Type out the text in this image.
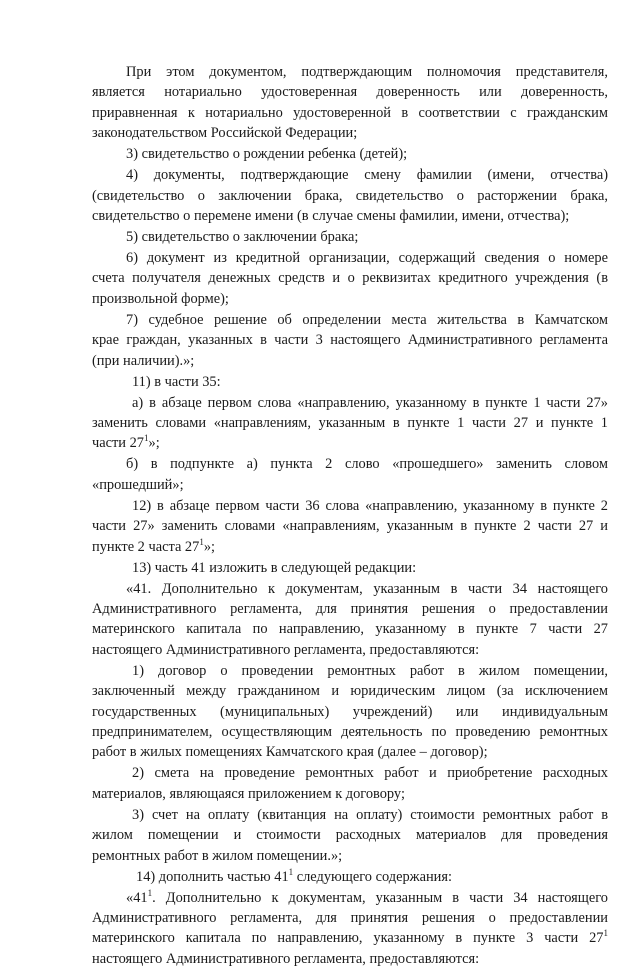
При этом документом, подтверждающим полномочия представителя,

является нотариально удостоверенная доверенность или доверенность,

приравненная к нотариально удостоверенной в соответствии с гражданским

законодательством Российской Федерации;

3) свидетельство о рождении ребенка (детей);

4) документы, подтверждающие смену фамилии (имени, отчества)

(свидетельство о заключении брака, свидетельство о расторжении брака,

свидетельство о перемене имени (в случае смены фамилии, имени, отчества);

5) свидетельство о заключении брака;

6) документ из кредитной организации, содержащий сведения о номере

счета получателя денежных средств и о реквизитах кредитного учреждения (в

произвольной форме);

7) судебное решение об определении места жительства в Камчатском

крае граждан, указанных в части 3 настоящего Административного регламента

(при наличии).»;

11) в части 35:

а) в абзаце первом слова «направлению, указанному в пункте 1 части 27»

заменить словами «направлениям, указанным в пункте 1 части 27 и пункте 1

части $27^1$»;

б) в подпункте а) пункта 2 слово «прошедшего» заменить словом

«прошедший»;

12) в абзаце первом части 36 слова «направлению, указанному в пункте 2

части 27» заменить словами «направлениям, указанным в пункте 2 части 27 и

пункте 2 часта $27^1$»;

13) часть 41 изложить в следующей редакции:

«41. Дополнительно к документам, указанным в части 34 настоящего

Административного регламента, для принятия решения о предоставлении

материнского капитала по направлению, указанному в пункте 7 части 27

настоящего Административного регламента, предоставляются:

1) договор о проведении ремонтных работ в жилом помещении,

заключенный между гражданином и юридическим лицом (за исключением

государственных (муниципальных) учреждений) или индивидуальным

предпринимателем, осуществляющим деятельность по проведению ремонтных

работ в жилых помещениях Камчатского края (далее – договор);

2) смета на проведение ремонтных работ и приобретение расходных

материалов, являющаяся приложением к договору;

3) счет на оплату (квитанция на оплату) стоимости ремонтных работ в

жилом помещении и стоимости расходных материалов для проведения

ремонтных работ в жилом помещении.»;

14) дополнить частью $41^1$ следующего содержания:

«$41^1$. Дополнительно к документам, указанным в части 34 настоящего

Административного регламента, для принятия решения о предоставлении

материнского капитала по направлению, указанному в пункте 3 части $27^1$

настоящего Административного регламента, предоставляются:
